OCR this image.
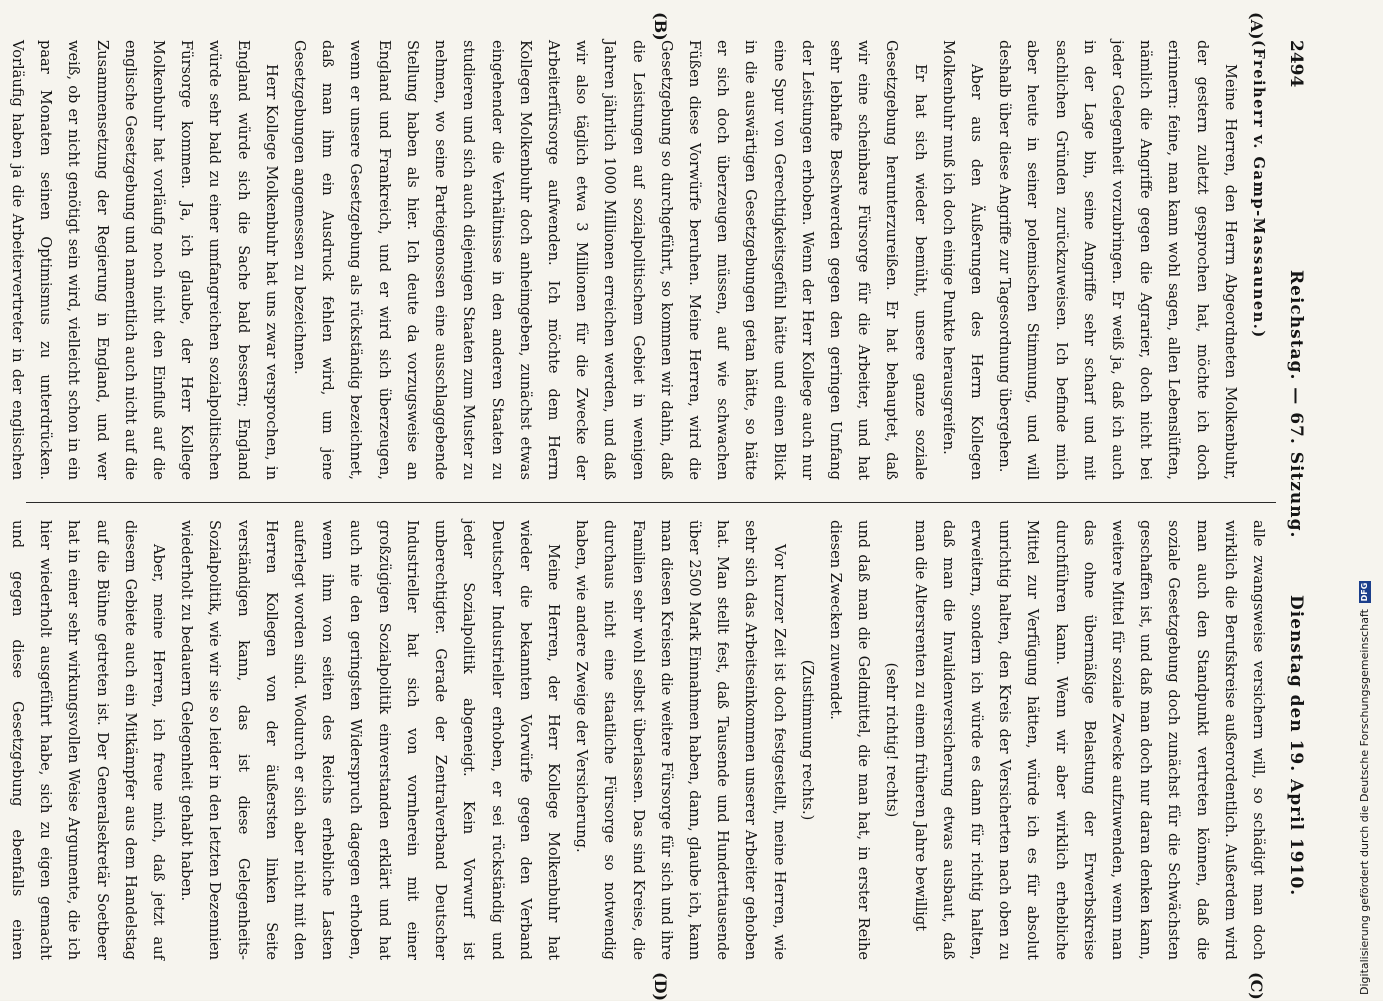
2494
Reichstag. — 67. Sitzung.
Dienstag den 19. April 1910.
(A)
(B)
(C)
(D)

(Freiherr v. Gamp-Massaunen.)

Meine Herren, den Herrn Abgeordneten Molkenbuhr, der gestern zuletzt gesprochen hat, möchte ich doch erinnern: feine, man kann wohl sagen, allen Lebenslüften, nämlich die Angriffe gegen die Agrarier, doch nicht bei jeder Gelegenheit vorzubringen. Er weiß ja, daß ich auch in der Lage bin, seine Angriffe sehr scharf und mit sachlichen Gründen zurückzuweisen. Ich befinde mich aber heute in seiner polemischen Stimmung, und will deshalb über diese Angriffe zur Tagesordnung übergehen.

Aber aus den Äußerungen des Herrn Kollegen Molkenbuhr muß ich doch einige Punkte herausgreifen.

Er hat sich wieder bemüht, unsere ganze soziale Gesetzgebung herunterzureißen. Er hat behauptet, daß wir eine scheinbare Fürsorge für die Arbeiter, und hat sehr lebhafte Beschwerden gegen den geringen Umfang der Leistungen erhoben. Wenn der Herr Kollege auch nur eine Spur von Gerechtigkeitsgefühl hätte und einen Blick in die auswärtigen Gesetzgebungen getan hätte, so hätte er sich doch überzeugen müssen, auf wie schwachen Füßen diese Vorwürfe beruhen. Meine Herren, wird die Gesetzgebung so durchgeführt, so kommen wir dahin, daß die Leistungen auf sozialpolitischem Gebiet in wenigen Jahren jährlich 1000 Millionen erreichen werden, und daß wir also täglich etwa 3 Millionen für die Zwecke der Arbeiterfürsorge aufwenden. Ich möchte dem Herrn Kollegen Molkenbuhr doch anheimgeben, zunächst etwas eingehender die Verhältnisse in den anderen Staaten zu studieren und sich auch diejenigen Staaten zum Muster zu nehmen, wo seine Parteigenossen eine ausschlaggebende Stellung haben als hier. Ich deute da vorzugsweise an England und Frankreich, und er wird sich überzeugen, wenn er unsere Gesetzgebung als rückständig bezeichnet, daß man ihm ein Ausdruck fehlen wird, um jene Gesetzgebungen angemessen zu bezeichnen.

Herr Kollege Molkenbuhr hat uns zwar versprochen, in England würde sich die Sache bald bessern; England würde sehr bald zu einer umfangreichen sozialpolitischen Fürsorge kommen. Ja, ich glaube, der Herr Kollege Molkenbuhr hat vorläufig noch nicht den Einfluß auf die englische Gesetzgebung und namentlich auch nicht auf die Zusammensetzung der Regierung in England, und wer weiß, ob er nicht genötigt sein wird, vielleicht schon in ein paar Monaten seinen Optimismus zu unterdrücken. Vorläufig haben ja die Arbeitervertreter in der englischen

alle zwangsweise versichern will, so schädigt man doch wirklich die Berufskreise außerordentlich. Außerdem wird man auch den Standpunkt vertreten können, daß die soziale Gesetzgebung doch zunächst für die Schwächsten geschaffen ist, und daß man doch nur daran denken kann, weitere Mittel für soziale Zwecke aufzuwenden, wenn man das ohne übermäßige Belastung der Erwerbskreise durchführen kann. Wenn wir aber wirklich erhebliche Mittel zur Verfügung hätten, würde ich es für absolut unrichtig halten, den Kreis der Versicherten nach oben zu erweitern, sondern ich würde es dann für richtig halten, daß man die Invalidenversicherung etwas ausbaut, daß man die Altersrenten zu einem früheren Jahre bewilligt

(sehr richtig! rechts)

und daß man die Geldmittel, die man hat, in erster Reihe diesen Zwecken zuwendet.

(Zustimmung rechts.)

Vor kurzer Zeit ist doch festgestellt, meine Herren, wie sehr sich das Arbeitseinkommen unserer Arbeiter gehoben hat. Man stellt fest, daß Tausende und Hunderttausende über 2500 Mark Einnahmen haben, dann, glaube ich, kann man diesen Kreisen die weitere Fürsorge für sich und ihre Familien sehr wohl selbst überlassen. Das sind Kreise, die durchaus nicht eine staatliche Fürsorge so notwendig haben, wie andere Zweige der Versicherung.

Meine Herren, der Herr Kollege Molkenbuhr hat wieder die bekannten Vorwürfe gegen den Verband Deutscher Industrieller erhoben, er sei rückständig und jeder Sozialpolitik abgeneigt. Kein Vorwurf ist unberechtigter. Gerade der Zentralverband Deutscher Industrieller hat sich von vornherein mit einer großzügigen Sozialpolitik einverstanden erklärt und hat auch nie den geringsten Widerspruch dagegen erhoben, wenn ihm von seiten des Reichs erhebliche Lasten auferlegt worden sind. Wodurch er sich aber nicht mit den Herren Kollegen von der äußersten linken Seite verständigen kann, das ist diese Gelegenheits-Sozialpolitik, wie wir sie so leider in den letzten Dezennien wiederholt zu bedauern Gelegenheit gehabt haben.

Aber, meine Herren, ich freue mich, daß jetzt auf diesem Gebiete auch ein Mitkämpfer aus dem Handelstag auf die Bühne getreten ist. Der Generalsekretär Soetbeer hat in einer sehr wirkungsvollen Weise Argumente, die ich hier wiederholt ausgeführt habe, sich zu eigen gemacht und gegen diese Gesetzgebung ebenfalls einen	Digitalisierung gefördert durch die Deutsche Forschungsgemeinschaft
DFG
